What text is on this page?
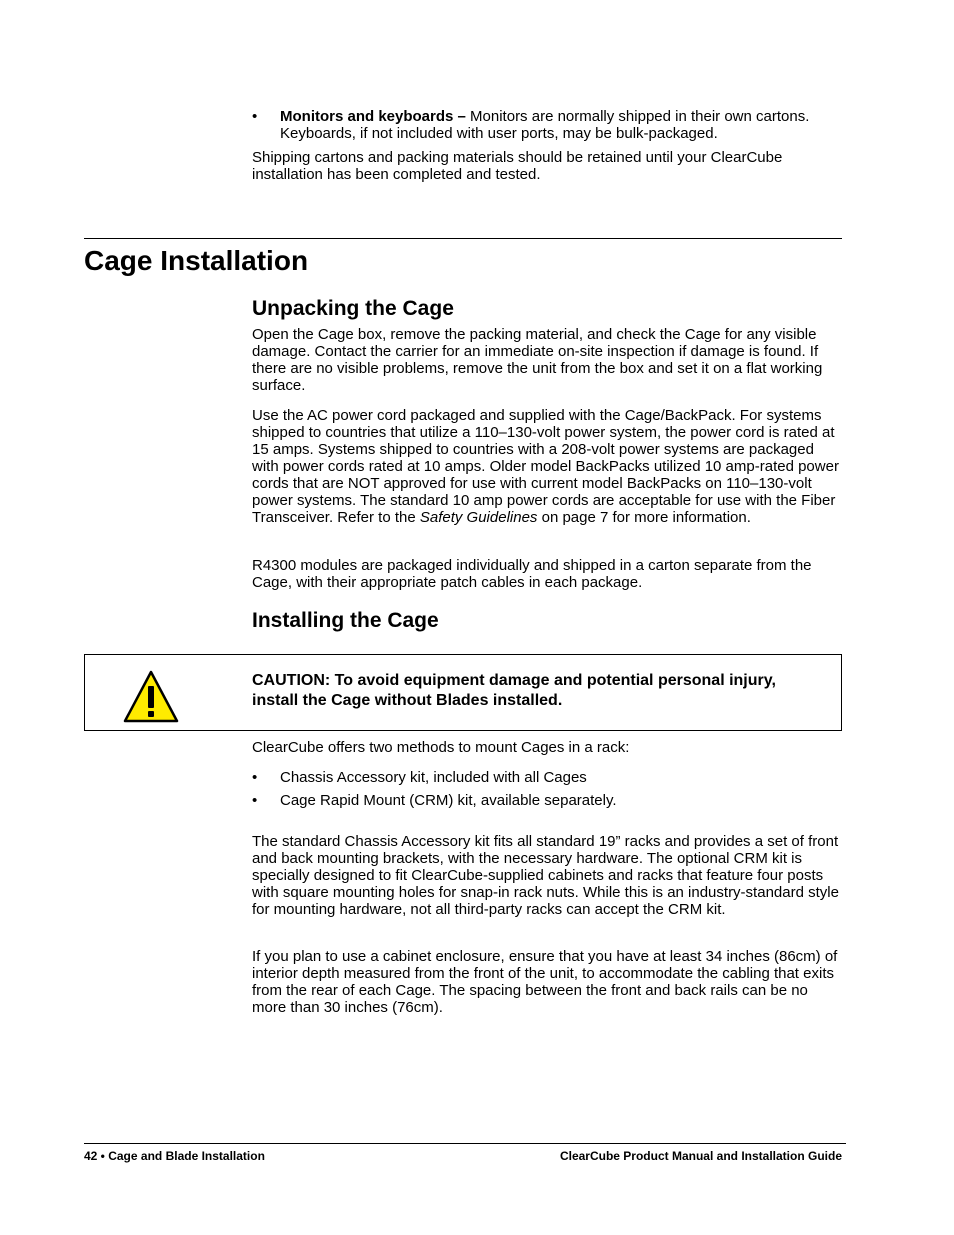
• Monitors and keyboards – Monitors are normally shipped in their own cartons.
Keyboards, if not included with user ports, may be bulk-packaged.
Shipping cartons and packing materials should be retained until your ClearCube installation has been completed and tested.
Cage Installation
Unpacking the Cage
Open the Cage box, remove the packing material, and check the Cage for any visible damage. Contact the carrier for an immediate on-site inspection if damage is found. If there are no visible problems, remove the unit from the box and set it on a flat working surface.
Use the AC power cord packaged and supplied with the Cage/BackPack. For systems shipped to countries that utilize a 110–130-volt power system, the power cord is rated at 15 amps. Systems shipped to countries with a 208-volt power systems are packaged with power cords rated at 10 amps. Older model BackPacks utilized 10 amp-rated power cords that are NOT approved for use with current model BackPacks on 110–130-volt power systems. The standard 10 amp power cords are acceptable for use with the Fiber Transceiver. Refer to the Safety Guidelines on page 7 for more information.
R4300 modules are packaged individually and shipped in a carton separate from the Cage, with their appropriate patch cables in each package.
Installing the Cage
CAUTION: To avoid equipment damage and potential personal injury,
install the Cage without Blades installed.
ClearCube offers two methods to mount Cages in a rack:
• Chassis Accessory kit, included with all Cages
• Cage Rapid Mount (CRM) kit, available separately.
The standard Chassis Accessory kit fits all standard 19” racks and provides a set of front and back mounting brackets, with the necessary hardware. The optional CRM kit is specially designed to fit ClearCube-supplied cabinets and racks that feature four posts with square mounting holes for snap-in rack nuts. While this is an industry-standard style for mounting hardware, not all third-party racks can accept the CRM kit.
If you plan to use a cabinet enclosure, ensure that you have at least 34 inches (86cm) of interior depth measured from the front of the unit, to accommodate the cabling that exits from the rear of each Cage. The spacing between the front and back rails can be no more than 30 inches (76cm).
42 • Cage and Blade Installation	ClearCube Product Manual and Installation Guide
